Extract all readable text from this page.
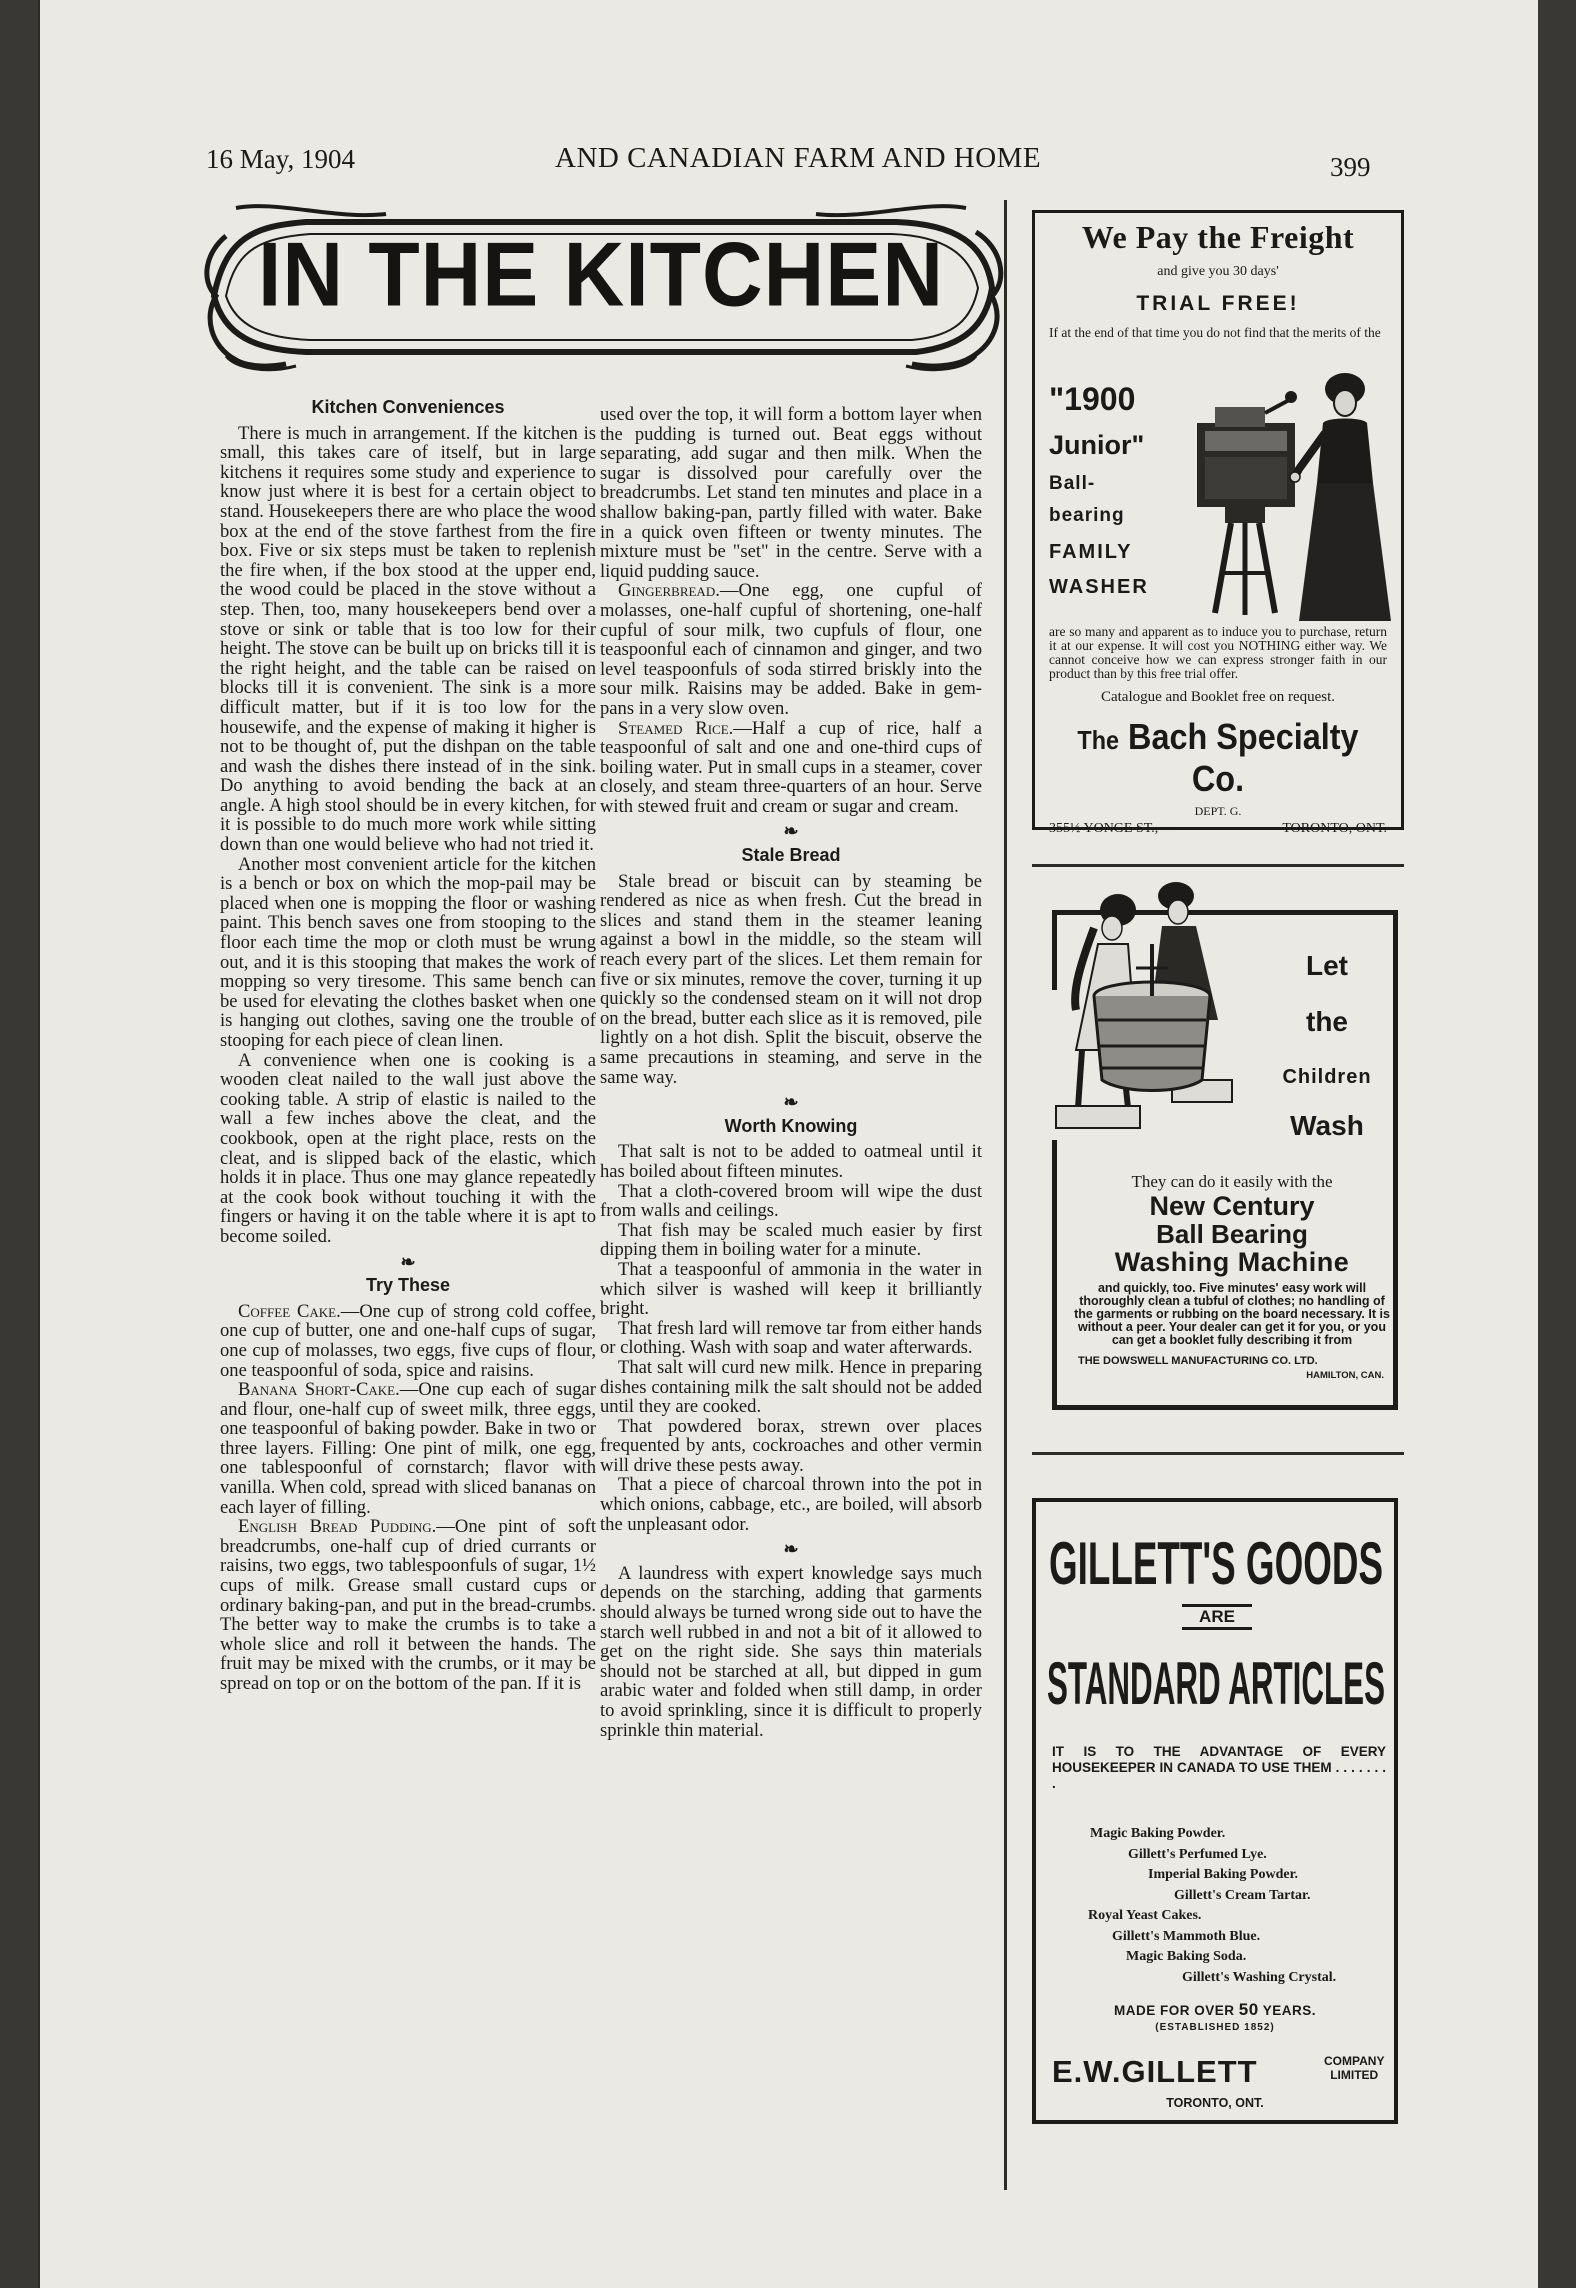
16 May, 1904	AND CANADIAN FARM AND HOME	399
IN THE KITCHEN
Kitchen Conveniences

There is much in arrangement. If the kitchen is small, this takes care of itself, but in large kitchens it requires some study and experience to know just where it is best for a certain object to stand. Housekeepers there are who place the wood box at the end of the stove farthest from the fire box. Five or six steps must be taken to replenish the fire when, if the box stood at the upper end, the wood could be placed in the stove without a step. Then, too, many housekeepers bend over a stove or sink or table that is too low for their height. The stove can be built up on bricks till it is the right height, and the table can be raised on blocks till it is convenient. The sink is a more difficult matter, but if it is too low for the housewife, and the expense of making it higher is not to be thought of, put the dishpan on the table and wash the dishes there instead of in the sink. Do anything to avoid bending the back at an angle. A high stool should be in every kitchen, for it is possible to do much more work while sitting down than one would believe who had not tried it.

Another most convenient article for the kitchen is a bench or box on which the mop-pail may be placed when one is mopping the floor or washing paint. This bench saves one from stooping to the floor each time the mop or cloth must be wrung out, and it is this stooping that makes the work of mopping so very tiresome. This same bench can be used for elevating the clothes basket when one is hanging out clothes, saving one the trouble of stooping for each piece of clean linen.

A convenience when one is cooking is a wooden cleat nailed to the wall just above the cooking table. A strip of elastic is nailed to the wall a few inches above the cleat, and the cookbook, open at the right place, rests on the cleat, and is slipped back of the elastic, which holds it in place. Thus one may glance repeatedly at the cook book without touching it with the fingers or having it on the table where it is apt to become soiled.

❧
Try These

Coffee Cake.—One cup of strong cold coffee, one cup of butter, one and one-half cups of sugar, one cup of molasses, two eggs, five cups of flour, one teaspoonful of soda, spice and raisins.

Banana Short-Cake.—One cup each of sugar and flour, one-half cup of sweet milk, three eggs, one teaspoonful of baking powder. Bake in two or three layers. Filling: One pint of milk, one egg, one tablespoonful of cornstarch; flavor with vanilla. When cold, spread with sliced bananas on each layer of filling.

English Bread Pudding.—One pint of soft breadcrumbs, one-half cup of dried currants or raisins, two eggs, two tablespoonfuls of sugar, 1½ cups of milk. Grease small custard cups or ordinary baking-pan, and put in the bread-crumbs. The better way to make the crumbs is to take a whole slice and roll it between the hands. The fruit may be mixed with the crumbs, or it may be spread on top or on the bottom of the pan. If it is

used over the top, it will form a bottom layer when the pudding is turned out. Beat eggs without separating, add sugar and then milk. When the sugar is dissolved pour carefully over the breadcrumbs. Let stand ten minutes and place in a shallow baking-pan, partly filled with water. Bake in a quick oven fifteen or twenty minutes. The mixture must be "set" in the centre. Serve with a liquid pudding sauce.

Gingerbread.—One egg, one cupful of molasses, one-half cupful of shortening, one-half cupful of sour milk, two cupfuls of flour, one teaspoonful each of cinnamon and ginger, and two level teaspoonfuls of soda stirred briskly into the sour milk. Raisins may be added. Bake in gem-pans in a very slow oven.

Steamed Rice.—Half a cup of rice, half a teaspoonful of salt and one and one-third cups of boiling water. Put in small cups in a steamer, cover closely, and steam three-quarters of an hour. Serve with stewed fruit and cream or sugar and cream.

❧
Stale Bread

Stale bread or biscuit can by steaming be rendered as nice as when fresh. Cut the bread in slices and stand them in the steamer leaning against a bowl in the middle, so the steam will reach every part of the slices. Let them remain for five or six minutes, remove the cover, turning it up quickly so the condensed steam on it will not drop on the bread, butter each slice as it is removed, pile lightly on a hot dish. Split the biscuit, observe the same precautions in steaming, and serve in the same way.

❧
Worth Knowing

That salt is not to be added to oatmeal until it has boiled about fifteen minutes.

That a cloth-covered broom will wipe the dust from walls and ceilings.

That fish may be scaled much easier by first dipping them in boiling water for a minute.

That a teaspoonful of ammonia in the water in which silver is washed will keep it brilliantly bright.

That fresh lard will remove tar from either hands or clothing. Wash with soap and water afterwards.

That salt will curd new milk. Hence in preparing dishes containing milk the salt should not be added until they are cooked.

That powdered borax, strewn over places frequented by ants, cockroaches and other vermin will drive these pests away.

That a piece of charcoal thrown into the pot in which onions, cabbage, etc., are boiled, will absorb the unpleasant odor.

❧

A laundress with expert knowledge says much depends on the starching, adding that garments should always be turned wrong side out to have the starch well rubbed in and not a bit of it allowed to get on the right side. She says thin materials should not be starched at all, but dipped in gum arabic water and folded when still damp, in order to avoid sprinkling, since it is difficult to properly sprinkle thin material.

We Pay the Freight
and give you 30 days'
TRIAL FREE!
If at the end of that time you do not find that the merits of the
"1900
Junior"
Ball-
bearing
FAMILY
WASHER
are so many and apparent as to induce you to purchase, return it at our expense. It will cost you NOTHING either way. We cannot conceive how we can express stronger faith in our product than by this free trial offer.
Catalogue and Booklet free on request.
The Bach Specialty Co.
DEPT. G.
355½ YONGE ST., - -	TORONTO, ONT.
Let
the
Children
Wash
They can do it easily with the
New Century
Ball Bearing
Washing Machine
and quickly, too. Five minutes' easy work will thoroughly clean a tubful of clothes; no handling of the garments or rubbing on the board necessary. It is without a peer. Your dealer can get it for you, or you can get a booklet fully describing it from
THE DOWSWELL MANUFACTURING CO. LTD.
HAMILTON, CAN.
GILLETT'S GOODS
ARE
STANDARD ARTICLES
IT IS TO THE ADVANTAGE OF EVERY HOUSEKEEPER IN CANADA TO USE THEM . . . . . . . .
Magic Baking Powder.
Gillett's Perfumed Lye.
Imperial Baking Powder.
Gillett's Cream Tartar.
Royal Yeast Cakes.
Gillett's Mammoth Blue.
Magic Baking Soda.
Gillett's Washing Crystal.
MADE FOR OVER 50 YEARS.
(ESTABLISHED 1852)
E.W.GILLETT	COMPANY
LIMITED
TORONTO, ONT.
